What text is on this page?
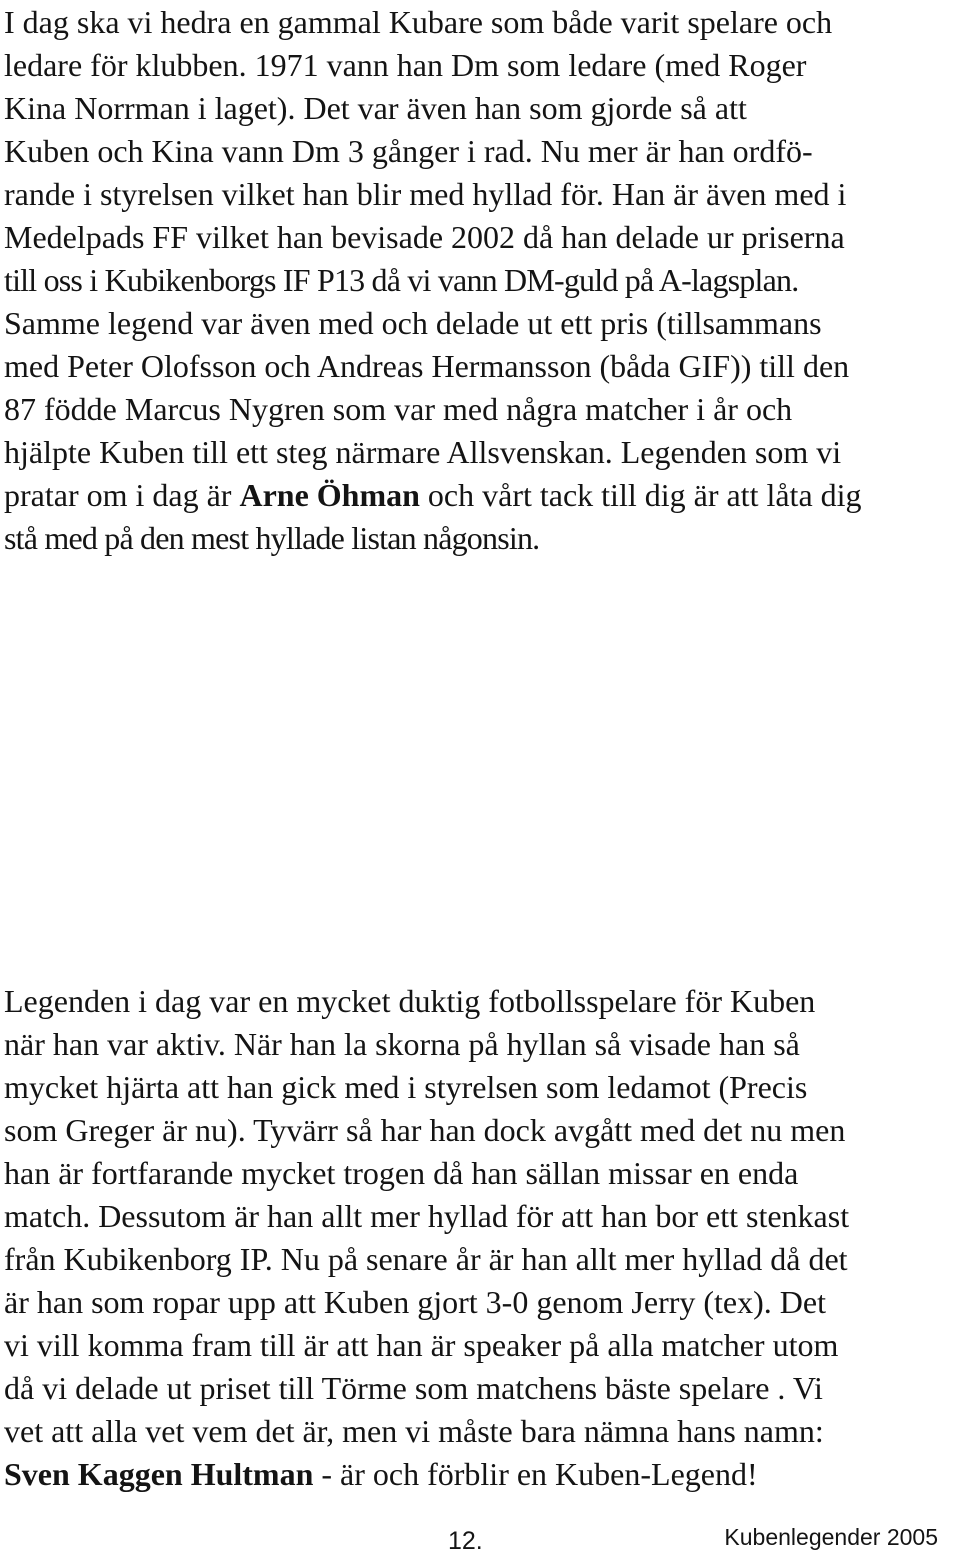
I dag ska vi hedra en gammal Kubare som både varit spelare och
ledare för klubben. 1971 vann han Dm som ledare (med Roger
Kina Norrman i laget). Det var även han som gjorde så att
Kuben och Kina vann Dm 3 gånger i rad. Nu mer är han ordfö-
rande i styrelsen vilket han blir med hyllad för. Han är även med i
Medelpads FF vilket han bevisade 2002 då han delade ur priserna
till oss i Kubikenborgs IF P13 då vi vann DM-guld på A-lagsplan.
Samme legend var även med och delade ut ett pris (tillsammans
med Peter Olofsson och Andreas Hermansson (båda GIF)) till den
87 födde Marcus Nygren som var med några matcher i år och
hjälpte Kuben till ett steg närmare Allsvenskan. Legenden som vi
pratar om i dag är Arne Öhman och vårt tack till dig är att låta dig
stå med på den mest hyllade listan någonsin.
Legenden i dag var en mycket duktig fotbollsspelare för Kuben
när han var aktiv. När han la skorna på hyllan så visade han så
mycket hjärta att han gick med i styrelsen som ledamot (Precis
som Greger är nu). Tyvärr så har han dock avgått med det nu men
han är fortfarande mycket trogen då han sällan missar en enda
match. Dessutom är han allt mer hyllad för att han bor ett stenkast
från Kubikenborg IP. Nu på senare år är han allt mer hyllad då det
är han som ropar upp att Kuben gjort 3-0 genom Jerry (tex). Det
vi vill komma fram till är att han är speaker på alla matcher utom
då vi delade ut priset till Törme som matchens bäste spelare . Vi
vet att alla vet vem det är, men vi måste bara nämna hans namn:
Sven Kaggen Hultman - är och förblir en Kuben-Legend!
12.	Kubenlegender 2005
